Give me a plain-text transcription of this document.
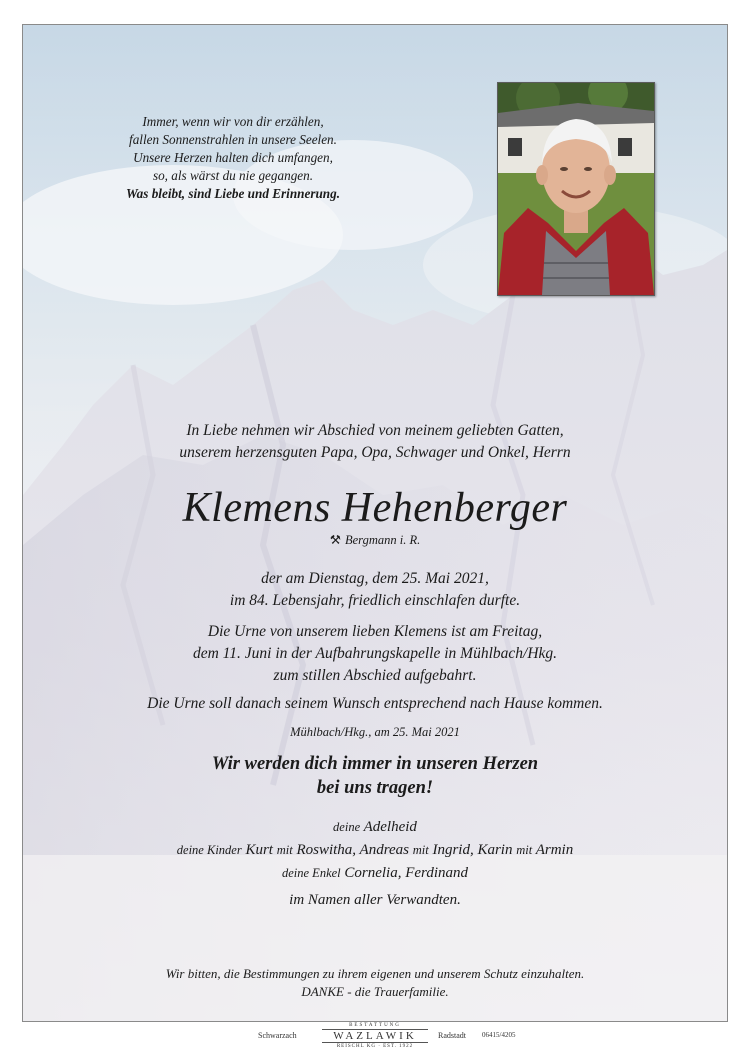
Immer, wenn wir von dir erzählen,
fallen Sonnenstrahlen in unsere Seelen.
Unsere Herzen halten dich umfangen,
so, als wärst du nie gegangen.
Was bleibt, sind Liebe und Erinnerung.
In Liebe nehmen wir Abschied von meinem geliebten Gatten,
unserem herzensguten Papa, Opa, Schwager und Onkel, Herrn
Klemens Hehenberger
⚒ Bergmann i. R.
der am Dienstag, dem 25. Mai 2021,
im 84. Lebensjahr, friedlich einschlafen durfte.
Die Urne von unserem lieben Klemens ist am Freitag,
dem 11. Juni in der Aufbahrungskapelle in Mühlbach/Hkg.
zum stillen Abschied aufgebahrt.
Die Urne soll danach seinem Wunsch entsprechend nach Hause kommen.
Mühlbach/Hkg., am 25. Mai 2021
Wir werden dich immer in unseren Herzen
bei uns tragen!
deine Adelheid
deine Kinder Kurt mit Roswitha, Andreas mit Ingrid, Karin mit Armin
deine Enkel Cornelia, Ferdinand
im Namen aller Verwandten.
Wir bitten, die Bestimmungen zu ihrem eigenen und unserem Schutz einzuhalten.
DANKE - die Trauerfamilie.
Schwarzach
BESTATTUNG
WAZLAWIK
REISCHL KG · EST. 1922
Radstadt 06415/4205
